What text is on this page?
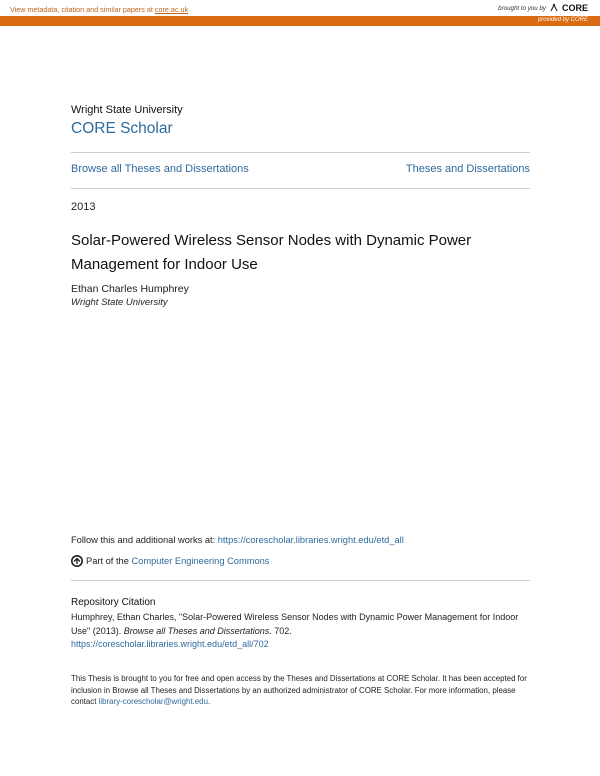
View metadata, citation and similar papers at core.ac.uk	brought to you by CORE
provided by CORE
Wright State University
CORE Scholar
Browse all Theses and Dissertations	Theses and Dissertations
2013
Solar-Powered Wireless Sensor Nodes with Dynamic Power Management for Indoor Use
Ethan Charles Humphrey
Wright State University
Follow this and additional works at: https://corescholar.libraries.wright.edu/etd_all
Part of the Computer Engineering Commons
Repository Citation
Humphrey, Ethan Charles, "Solar-Powered Wireless Sensor Nodes with Dynamic Power Management for Indoor Use" (2013). Browse all Theses and Dissertations. 702.
https://corescholar.libraries.wright.edu/etd_all/702
This Thesis is brought to you for free and open access by the Theses and Dissertations at CORE Scholar. It has been accepted for inclusion in Browse all Theses and Dissertations by an authorized administrator of CORE Scholar. For more information, please contact library-corescholar@wright.edu.
